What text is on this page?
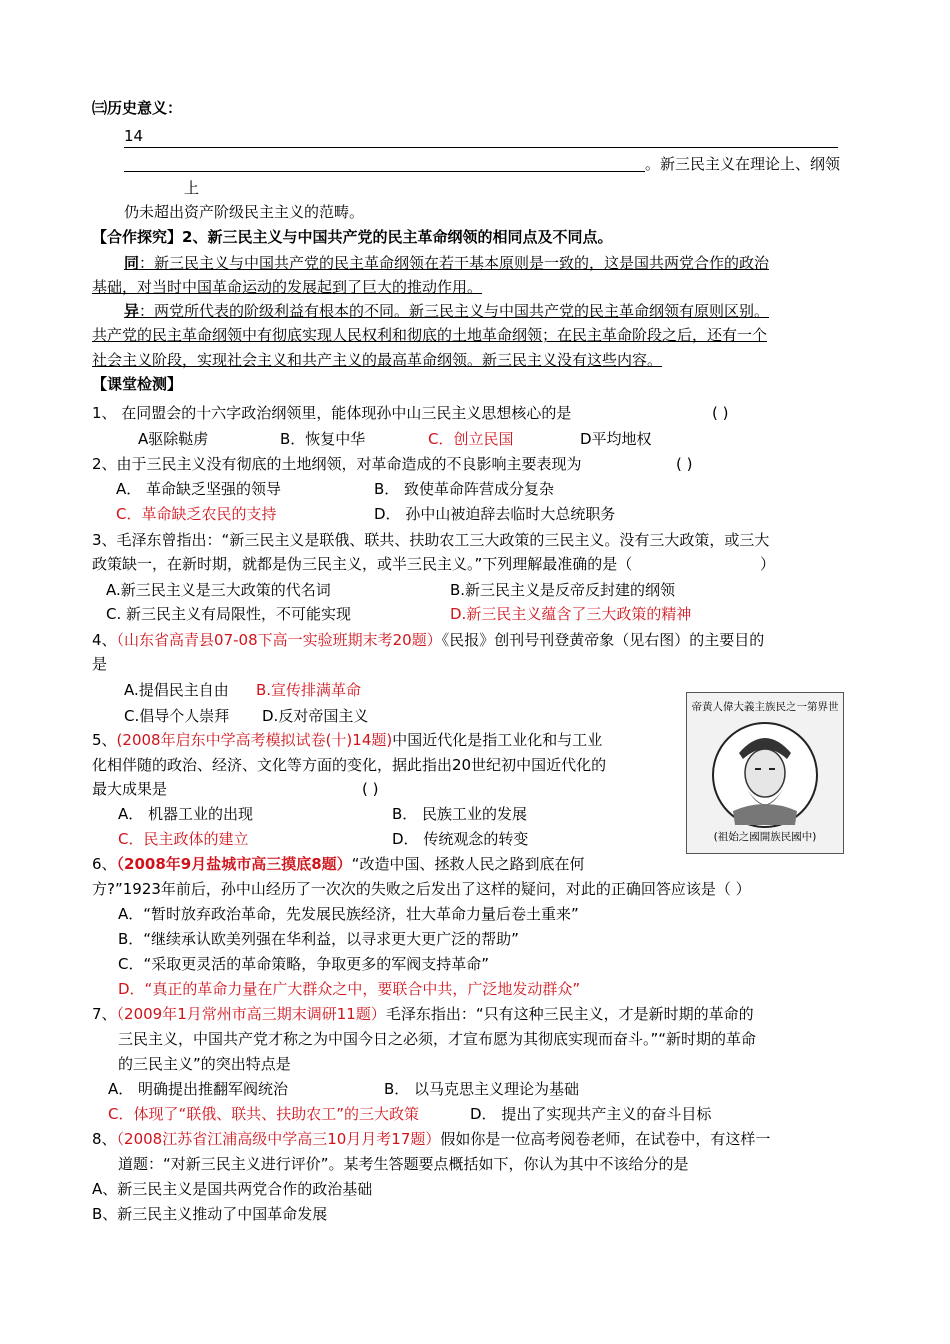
㈢历史意义：
14
。新三民主义在理论上、纲领
上
仍未超出资产阶级民主主义的范畴。
【合作探究】2、新三民主义与中国共产党的民主革命纲领的相同点及不同点。
同：新三民主义与中国共产党的民主革命纲领在若干基本原则是一致的，这是国共两党合作的政治
基础，对当时中国革命运动的发展起到了巨大的推动作用。
异：两党所代表的阶级利益有根本的不同。新三民主义与中国共产党的民主革命纲领有原则区别。
共产党的民主革命纲领中有彻底实现人民权利和彻底的土地革命纲领；在民主革命阶段之后，还有一个
社会主义阶段，实现社会主义和共产主义的最高革命纲领。新三民主义没有这些内容。
【课堂检测】
1、 在同盟会的十六字政治纲领里，能体现孙中山三民主义思想核心的是	( )
A驱除鞑虏	B．恢复中华	C．创立民国	D平均地权
2、由于三民主义没有彻底的土地纲领，对革命造成的不良影响主要表现为	( )
A． 革命缺乏坚强的领导	B． 致使革命阵营成分复杂
C．革命缺乏农民的支持	D． 孙中山被迫辞去临时大总统职务
3、毛泽东曾指出：“新三民主义是联俄、联共、扶助农工三大政策的三民主义。没有三大政策，或三大
政策缺一，在新时期，就都是伪三民主义，或半三民主义。”下列理解最准确的是（	）
A.新三民主义是三大政策的代名词	B.新三民主义是反帝反封建的纲领
C. 新三民主义有局限性，不可能实现	D.新三民主义蕴含了三大政策的精神
4、（山东省高青县07-08下高一实验班期末考20题）《民报》创刊号刊登黄帝象（见右图）的主要目的
是
A.提倡民主自由 B.宣传排满革命
C.倡导个人崇拜 D.反对帝国主义	帝黄人偉大義主族民之一第界世
(祖始之國開族民國中)
5、(2008年启东中学高考模拟试卷(十)14题)中国近代化是指工业化和与工业
化相伴随的政治、经济、文化等方面的变化，据此指出20世纪初中国近代化的
最大成果是	( )
A． 机器工业的出现	B． 民族工业的发展
C．民主政体的建立	D． 传统观念的转变
6、（2008年9月盐城市高三摸底8题）“改造中国、拯救人民之路到底在何
方?”1923年前后，孙中山经历了一次次的失败之后发出了这样的疑问，对此的正确回答应该是（ ）
A．“暂时放弃政治革命，先发展民族经济，壮大革命力量后卷土重来”
B．“继续承认欧美列强在华利益，以寻求更大更广泛的帮助”
C．“采取更灵活的革命策略，争取更多的军阀支持革命”
D．“真正的革命力量在广大群众之中，要联合中共，广泛地发动群众”
7、（2009年1月常州市高三期末调研11题）毛泽东指出：“只有这种三民主义，才是新时期的革命的
三民主义，中国共产党才称之为中国今日之必须，才宣布愿为其彻底实现而奋斗。”“新时期的革命
的三民主义”的突出特点是
A． 明确提出推翻军阀统治	B． 以马克思主义理论为基础
C．体现了“联俄、联共、扶助农工”的三大政策	D． 提出了实现共产主义的奋斗目标
8、（2008江苏省江浦高级中学高三10月月考17题）假如你是一位高考阅卷老师，在试卷中，有这样一
道题：“对新三民主义进行评价”。某考生答题要点概括如下，你认为其中不该给分的是
A、新三民主义是国共两党合作的政治基础
B、新三民主义推动了中国革命发展
